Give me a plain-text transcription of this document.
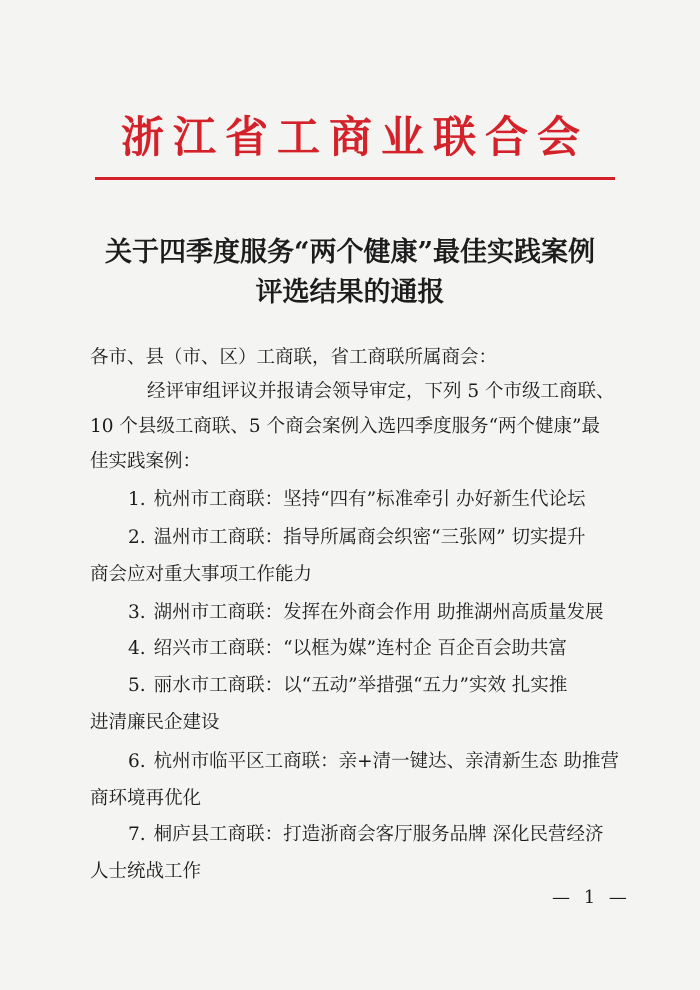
浙江省工商业联合会
关于四季度服务“两个健康”最佳实践案例
评选结果的通报
各市、县（市、区）工商联，省工商联所属商会：
经评审组评议并报请会领导审定，下列 5 个市级工商联、
10 个县级工商联、5 个商会案例入选四季度服务“两个健康”最
佳实践案例：
1. 杭州市工商联：坚持“四有”标准牵引 办好新生代论坛
2. 温州市工商联：指导所属商会织密“三张网” 切实提升
商会应对重大事项工作能力
3. 湖州市工商联：发挥在外商会作用 助推湖州高质量发展
4. 绍兴市工商联：“以框为媒”连村企 百企百会助共富
5. 丽水市工商联：以“五动”举措强“五力”实效 扎实推
进清廉民企建设
6. 杭州市临平区工商联：亲+清一键达、亲清新生态 助推营
商环境再优化
7. 桐庐县工商联：打造浙商会客厅服务品牌 深化民营经济
人士统战工作
— 1 —
